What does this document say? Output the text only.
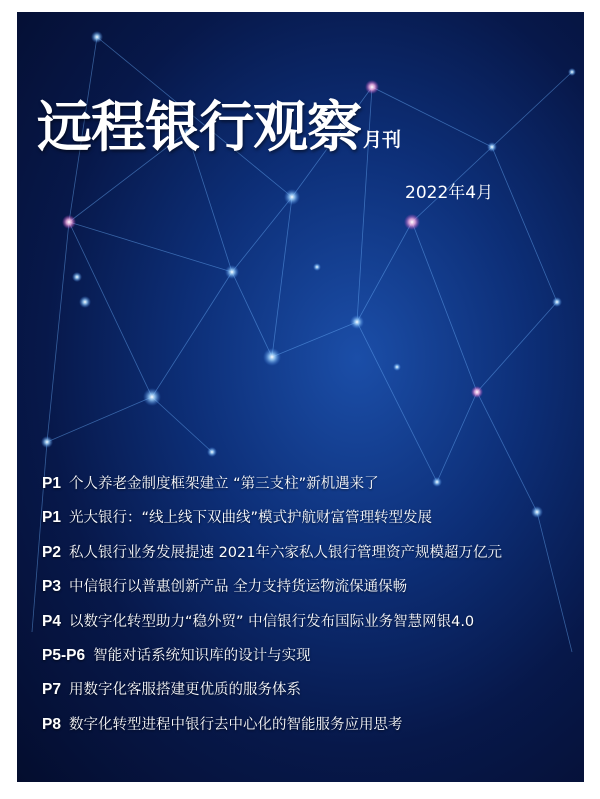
远程银行观察 月刊
2022年4月
P1 个人养老金制度框架建立 “第三支柱”新机遇来了
P1 光大银行：“线上线下双曲线”模式护航财富管理转型发展
P2 私人银行业务发展提速 2021年六家私人银行管理资产规模超万亿元
P3 中信银行以普惠创新产品 全力支持货运物流保通保畅
P4 以数字化转型助力“稳外贸” 中信银行发布国际业务智慧网银4.0
P5-P6 智能对话系统知识库的设计与实现
P7 用数字化客服搭建更优质的服务体系
P8 数字化转型进程中银行去中心化的智能服务应用思考
